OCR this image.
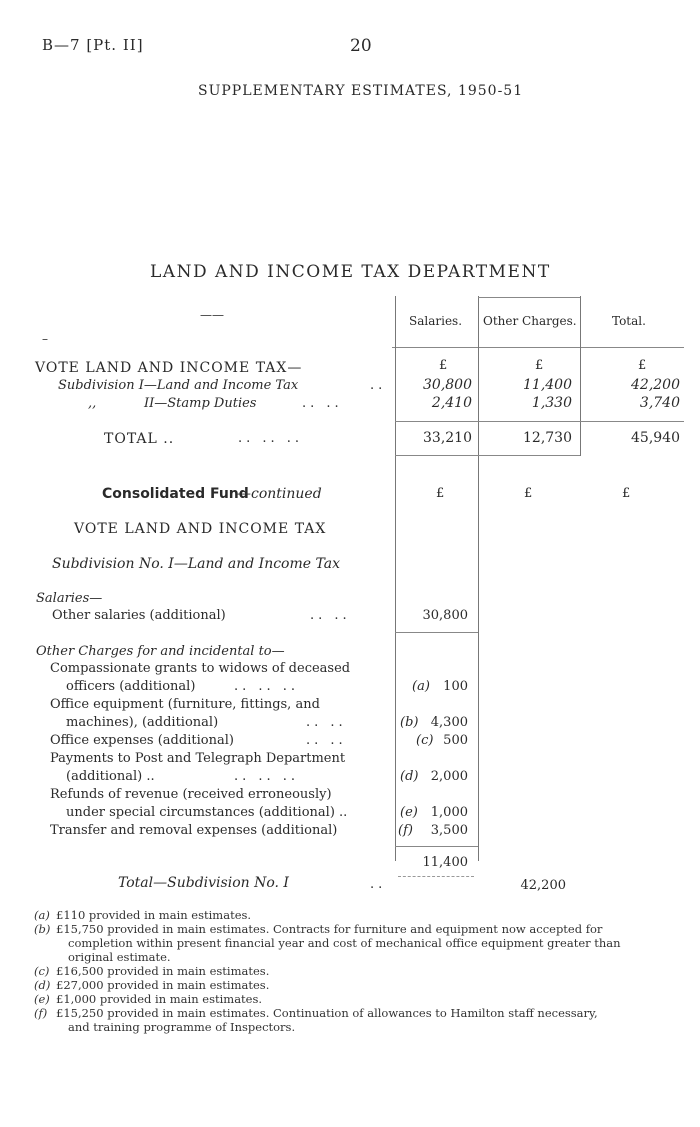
B—7 [Pt. II]	20
SUPPLEMENTARY ESTIMATES, 1950-51
LAND AND INCOME TAX DEPARTMENT
——
–
Salaries. Other Charges.	Total.
VOTE LAND AND INCOME TAX—	£	£	£
Subdivision I—Land and Income Tax	..	30,800	11,400	42,200
,,	II—Stamp Duties	.. ..	2,410	1,330	3,740
TOTAL ..	.. .. ..	33,210	12,730	45,940
Consolidated Fund
—continued	£	£	£
VOTE LAND AND INCOME TAX
Subdivision No. I—Land and Income Tax
Salaries—
Other salaries (additional)	.. ..	30,800
Other Charges for and incidental to—
Compassionate grants to widows of deceased
officers (additional)	.. .. ..	(a)	100
Office equipment (furniture, fittings, and
machines), (additional)	.. ..	(b) 4,300
Office expenses (additional)	.. ..	(c) 500
Payments to Post and Telegraph Department
(additional) ..	.. .. ..	(d) 2,000
Refunds of revenue (received erroneously)
under special circumstances (additional) ..	(e) 1,000
Transfer and removal expenses (additional)	(f)	3,500
11,400
Total—Subdivision No. I	..	42,200
(a) £110 provided in main estimates.
(b) £15,750 provided in main estimates. Contracts for furniture and equipment now accepted for
completion within present financial year and cost of mechanical office equipment greater than
original estimate.
(c) £16,500 provided in main estimates.
(d) £27,000 provided in main estimates.
(e) £1,000 provided in main estimates.
(f) £15,250 provided in main estimates. Continuation of allowances to Hamilton staff necessary,
and training programme of Inspectors.
